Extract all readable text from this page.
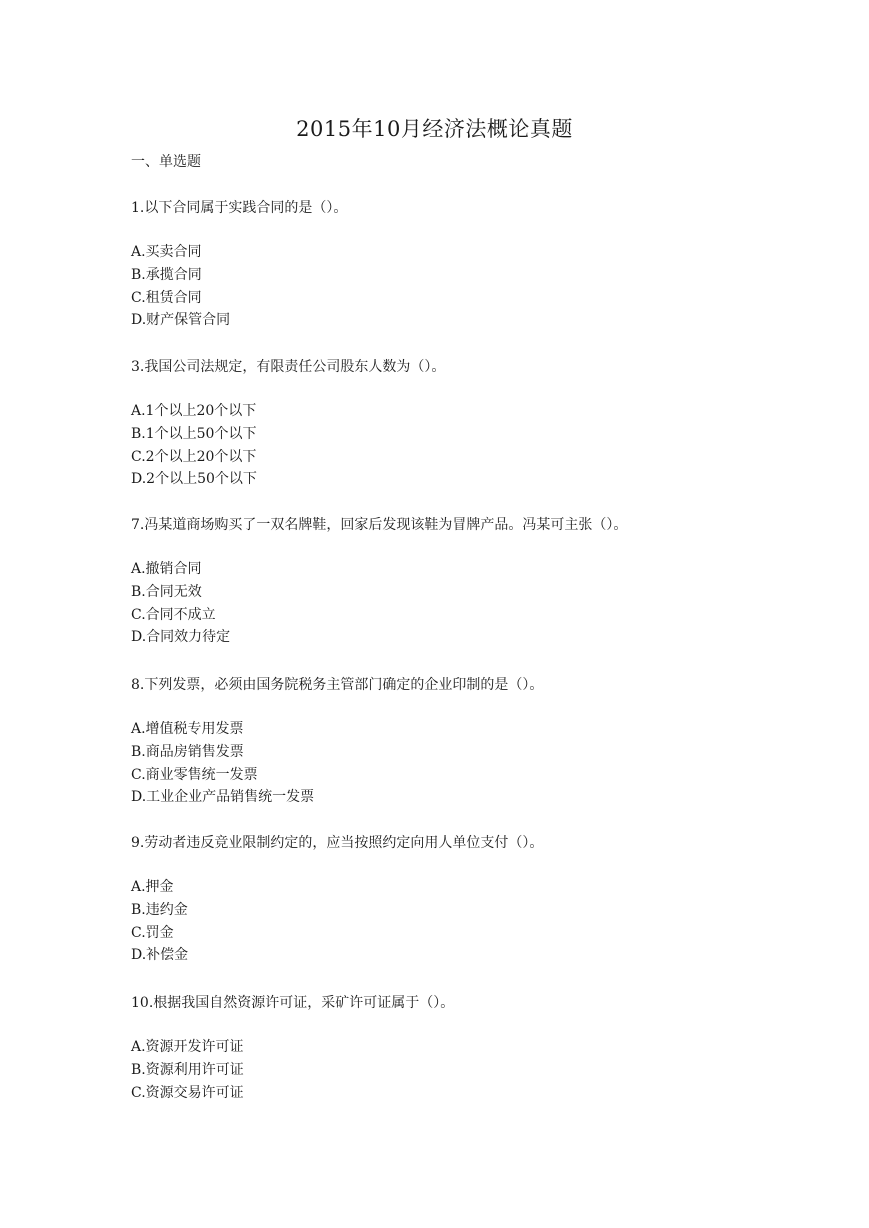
2015年10月经济法概论真题
一、单选题

1.以下合同属于实践合同的是（）。

A.买卖合同
B.承揽合同
C.租赁合同
D.财产保管合同

3.我国公司法规定，有限责任公司股东人数为（）。

A.1个以上20个以下
B.1个以上50个以下
C.2个以上20个以下
D.2个以上50个以下

7.冯某道商场购买了一双名牌鞋，回家后发现该鞋为冒牌产品。冯某可主张（）。

A.撤销合同
B.合同无效
C.合同不成立
D.合同效力待定

8.下列发票，必须由国务院税务主管部门确定的企业印制的是（）。

A.增值税专用发票
B.商品房销售发票
C.商业零售统一发票
D.工业企业产品销售统一发票

9.劳动者违反竞业限制约定的，应当按照约定向用人单位支付（）。

A.押金
B.违约金
C.罚金
D.补偿金

10.根据我国自然资源许可证，采矿许可证属于（）。

A.资源开发许可证
B.资源利用许可证
C.资源交易许可证
